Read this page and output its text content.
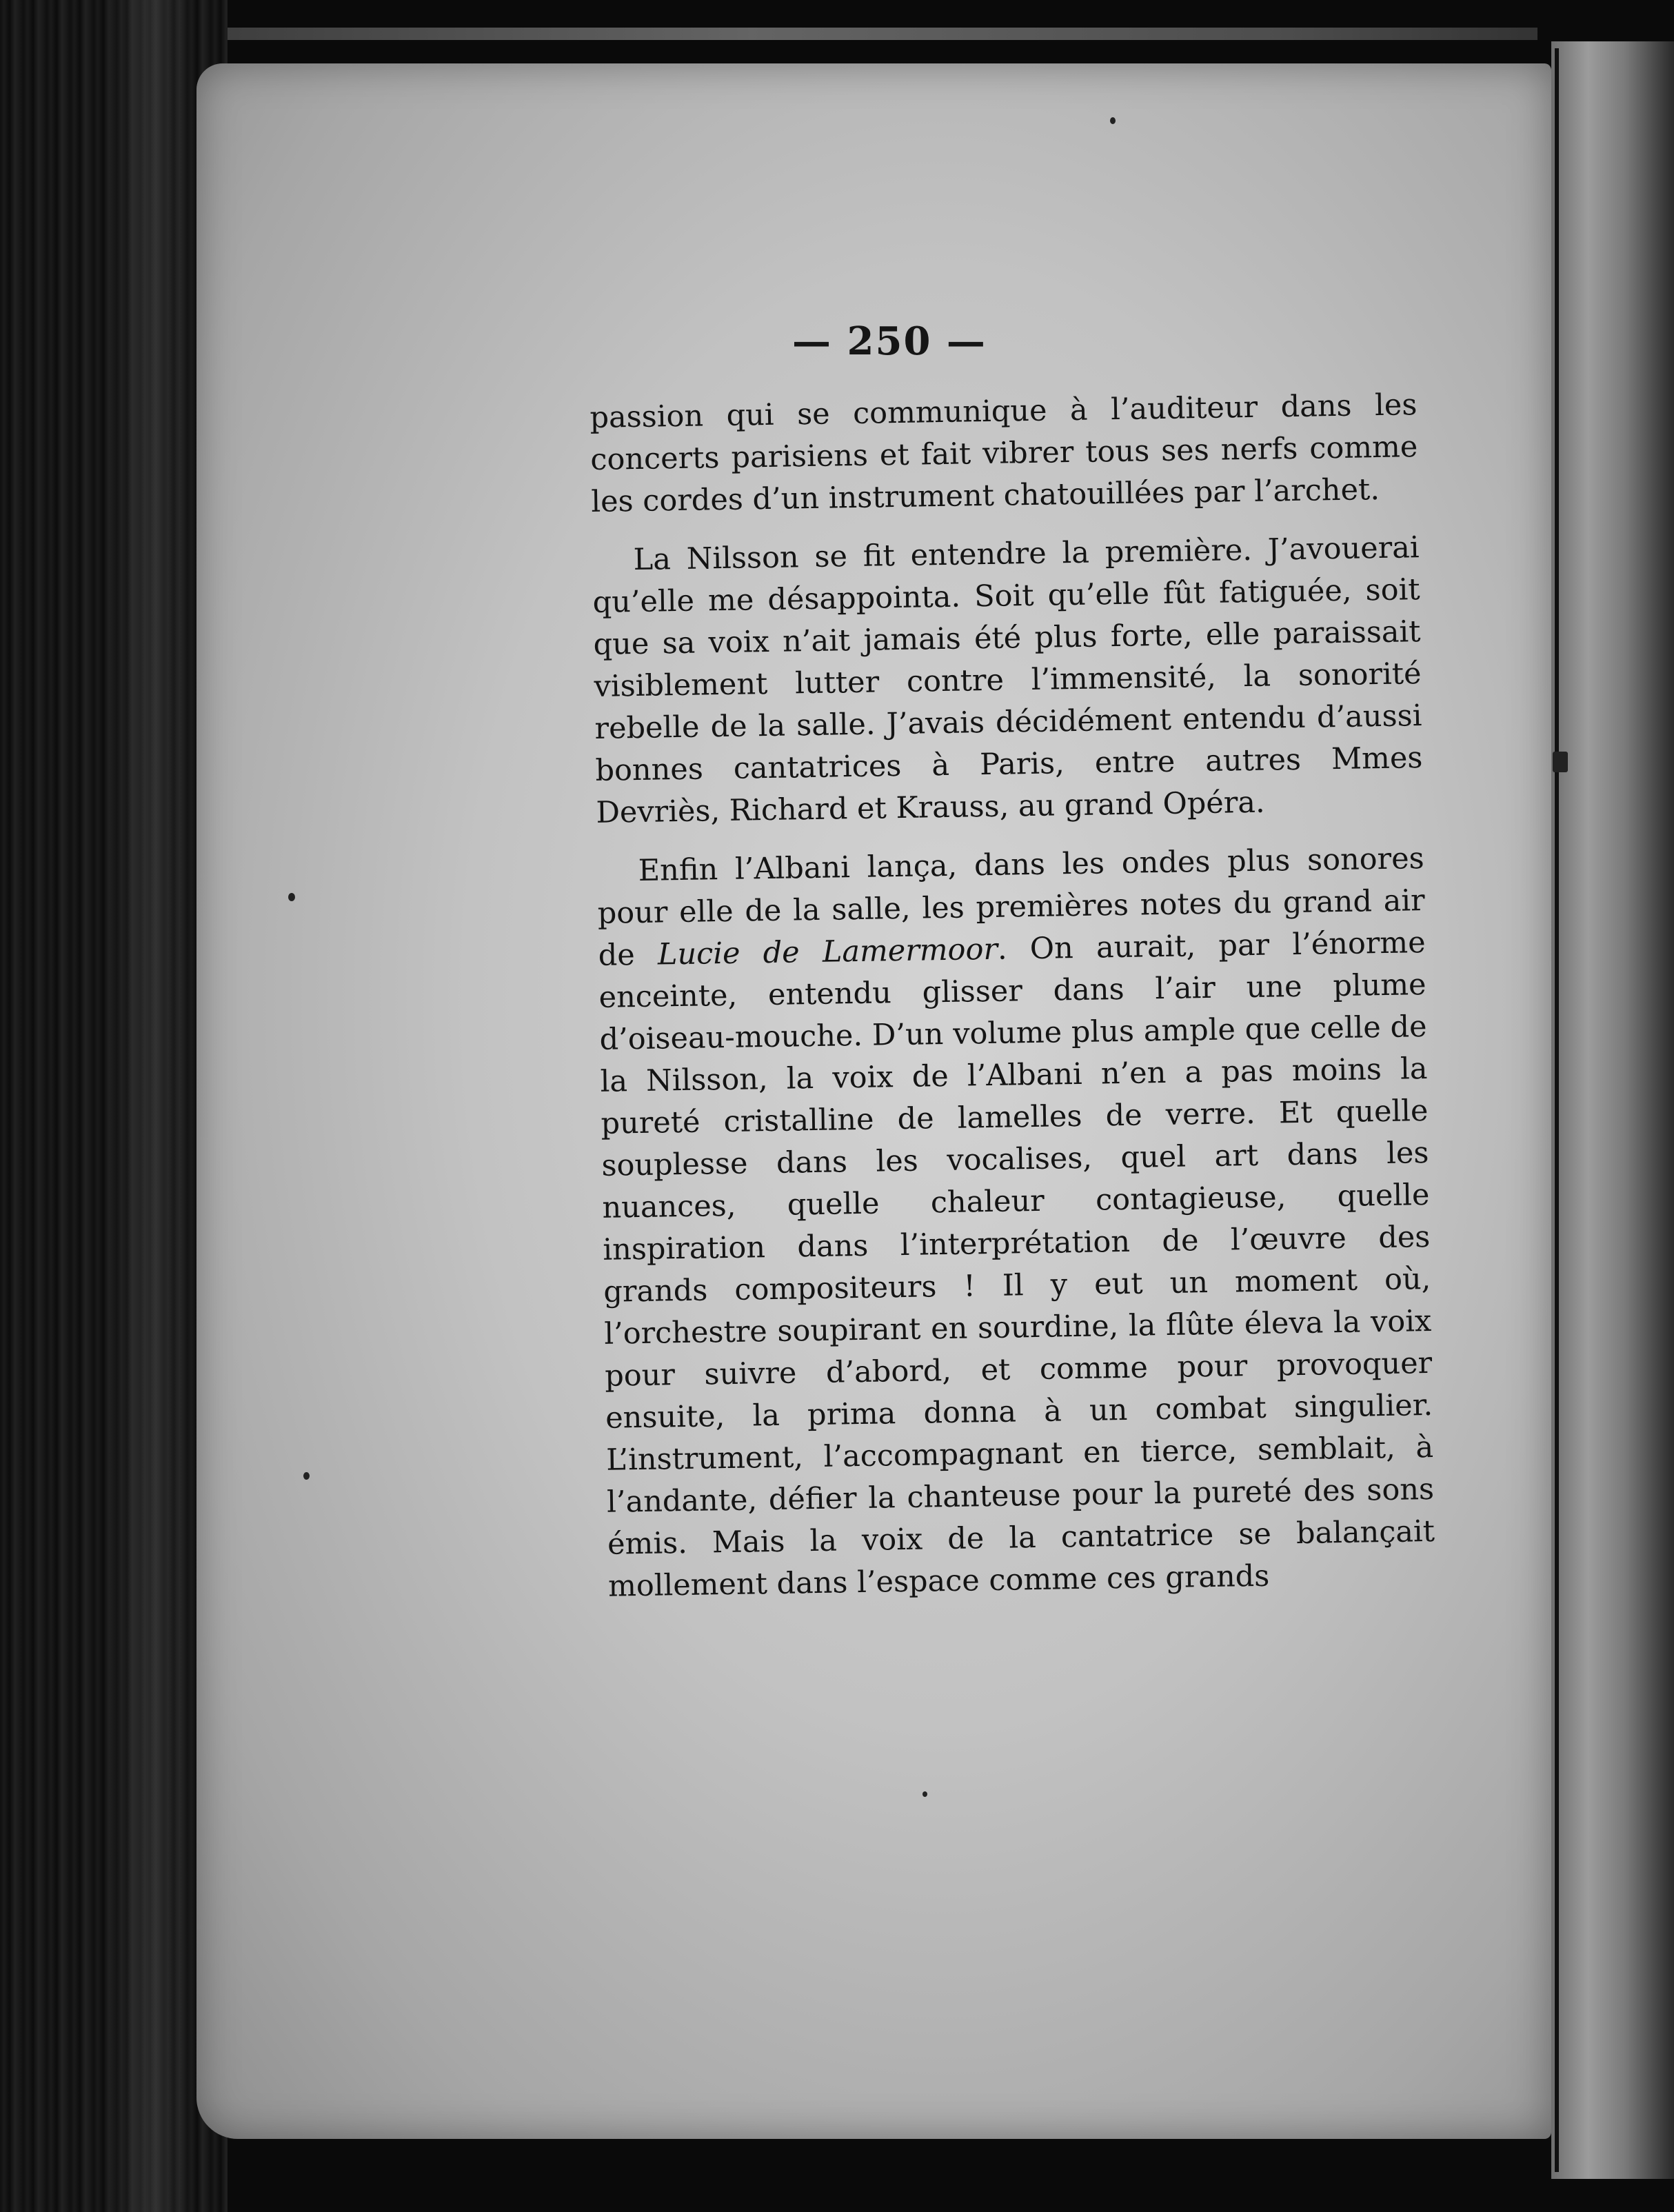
— 250 —

passion qui se communique à l’auditeur dans les concerts parisiens et fait vibrer tous ses nerfs comme les cordes d’un instrument chatouillées par l’archet.

La Nilsson se fit entendre la première. J’avouerai qu’elle me désappointa. Soit qu’elle fût fatiguée, soit que sa voix n’ait jamais été plus forte, elle paraissait visiblement lutter contre l’immensité, la sonorité rebelle de la salle. J’avais décidément entendu d’aussi bonnes cantatrices à Paris, entre autres Mmes Devriès, Richard et Krauss, au grand Opéra.

Enfin l’Albani lança, dans les ondes plus sonores pour elle de la salle, les premières notes du grand air de Lucie de Lamermoor. On aurait, par l’énorme enceinte, entendu glisser dans l’air une plume d’oiseau-mouche. D’un volume plus ample que celle de la Nilsson, la voix de l’Albani n’en a pas moins la pureté cristalline de lamelles de verre. Et quelle souplesse dans les vocalises, quel art dans les nuances, quelle chaleur contagieuse, quelle inspiration dans l’interprétation de l’œuvre des grands compositeurs ! Il y eut un moment où, l’orchestre soupirant en sourdine, la flûte éleva la voix pour suivre d’abord, et comme pour provoquer ensuite, la prima donna à un combat singulier. L’instrument, l’accompagnant en tierce, semblait, à l’andante, défier la chanteuse pour la pureté des sons émis. Mais la voix de la cantatrice se balançait mollement dans l’espace comme ces grands
